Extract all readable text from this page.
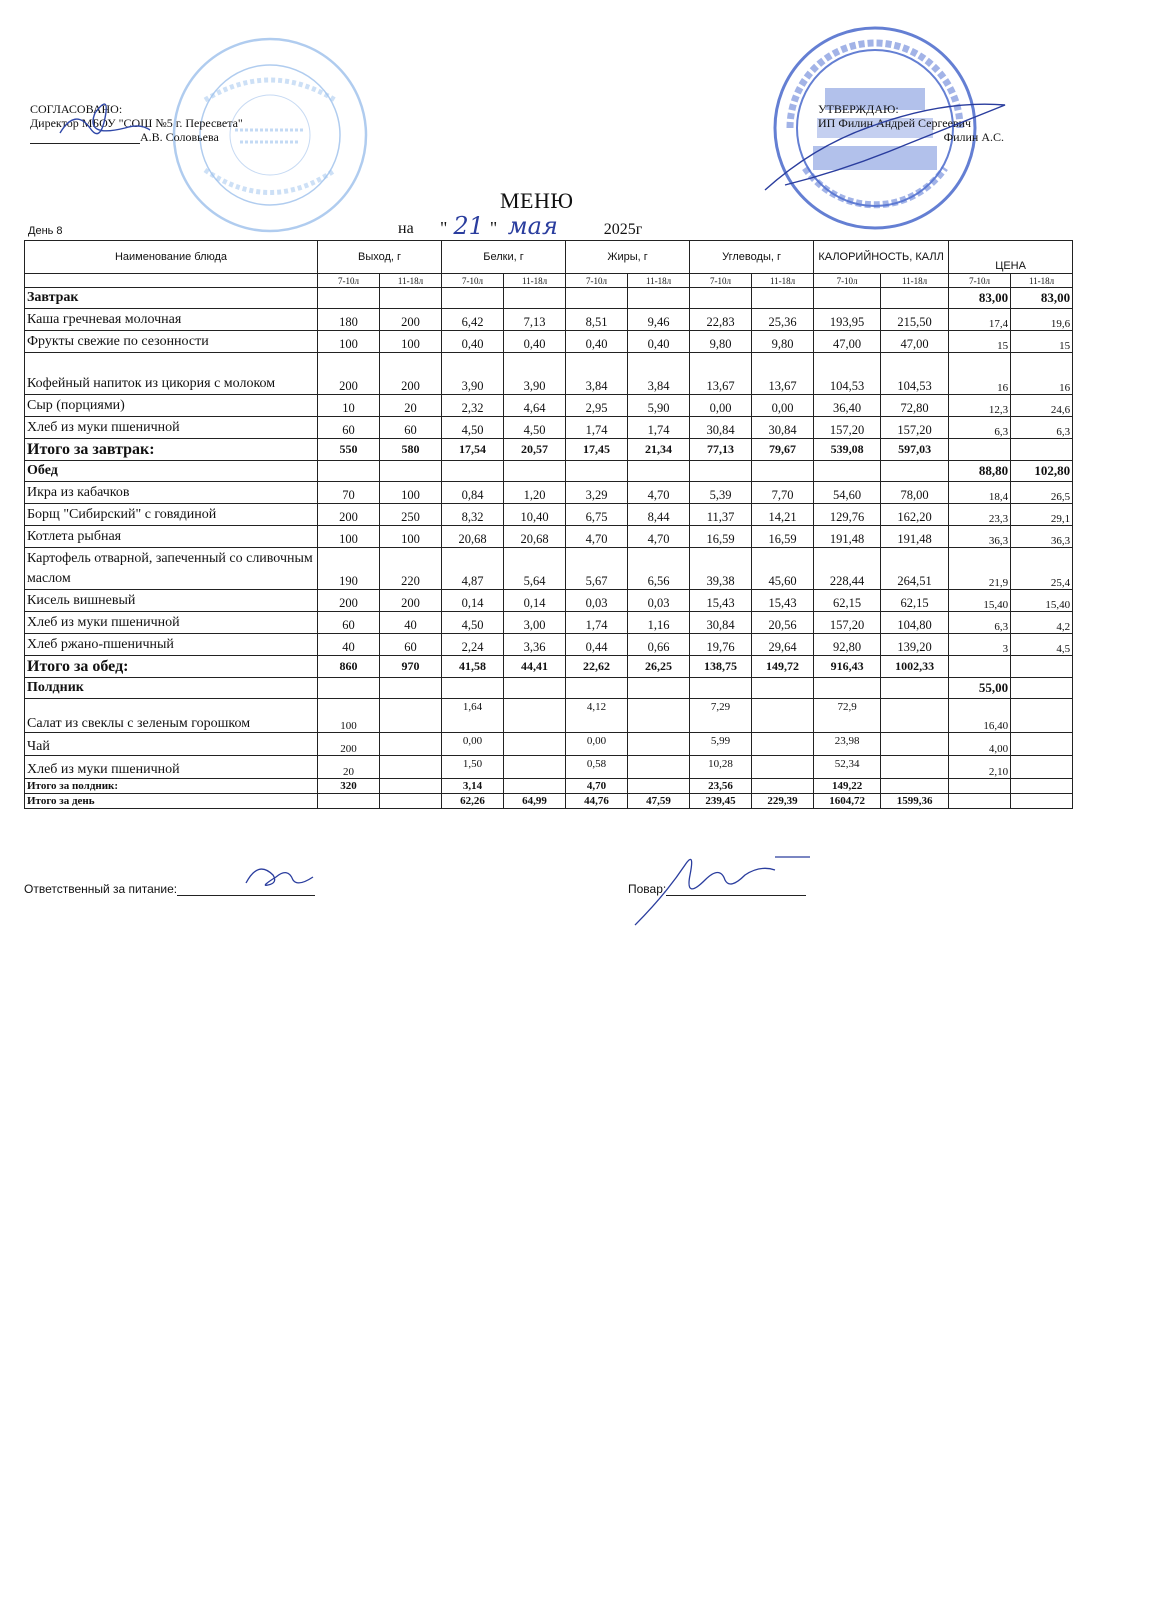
СОГЛАСОВАНО:
Директор МБОУ "СОШ №5 г. Пересвета"
А.В. Соловьева
УТВЕРЖДАЮ:
ИП Филин Андрей Сергеевич
Филин А.С.
МЕНЮ
День 8	на " 21 " мая	2025г
Наименование блюда	Выход, г		Белки, г		Жиры, г		Углеводы, г		КАЛОРИЙНОСТЬ, КАЛЛ		ЦЕНА	
	7-10л	11-18л	7-10л	11-18л	7-10л	11-18л	7-10л	11-18л	7-10л	11-18л	7-10л	11-18л
Завтрак											83,00	83,00
Каша гречневая молочная	180	200	6,42	7,13	8,51	9,46	22,83	25,36	193,95	215,50	17,4	19,6
Фрукты свежие по сезонности	100	100	0,40	0,40	0,40	0,40	9,80	9,80	47,00	47,00	15	15
Кофейный напиток из цикория с молоком	200	200	3,90	3,90	3,84	3,84	13,67	13,67	104,53	104,53	16	16
Сыр (порциями)	10	20	2,32	4,64	2,95	5,90	0,00	0,00	36,40	72,80	12,3	24,6
Хлеб из муки пшеничной	60	60	4,50	4,50	1,74	1,74	30,84	30,84	157,20	157,20	6,3	6,3
Итого за завтрак:	550	580	17,54	20,57	17,45	21,34	77,13	79,67	539,08	597,03		
Обед											88,80	102,80
Икра из кабачков	70	100	0,84	1,20	3,29	4,70	5,39	7,70	54,60	78,00	18,4	26,5
Борщ "Сибирский" с говядиной	200	250	8,32	10,40	6,75	8,44	11,37	14,21	129,76	162,20	23,3	29,1
Котлета рыбная	100	100	20,68	20,68	4,70	4,70	16,59	16,59	191,48	191,48	36,3	36,3
Картофель отварной, запеченный со сливочным маслом	190	220	4,87	5,64	5,67	6,56	39,38	45,60	228,44	264,51	21,9	25,4
Кисель вишневый	200	200	0,14	0,14	0,03	0,03	15,43	15,43	62,15	62,15	15,40	15,40
Хлеб из муки пшеничной	60	40	4,50	3,00	1,74	1,16	30,84	20,56	157,20	104,80	6,3	4,2
Хлеб ржано-пшеничный	40	60	2,24	3,36	0,44	0,66	19,76	29,64	92,80	139,20	3	4,5
Итого за обед:	860	970	41,58	44,41	22,62	26,25	138,75	149,72	916,43	1002,33		
Полдник											55,00	
Салат из свеклы с зеленым горошком	100		1,64		4,12		7,29		72,9		16,40	
Чай	200		0,00		0,00		5,99		23,98		4,00	
Хлеб из муки пшеничной	20		1,50		0,58		10,28		52,34		2,10	
Итого за полдник:	320		3,14		4,70		23,56		149,22			
Итого за день			62,26	64,99	44,76	47,59	239,45	229,39	1604,72	1599,36		
Ответственный за питание:	Повар:
